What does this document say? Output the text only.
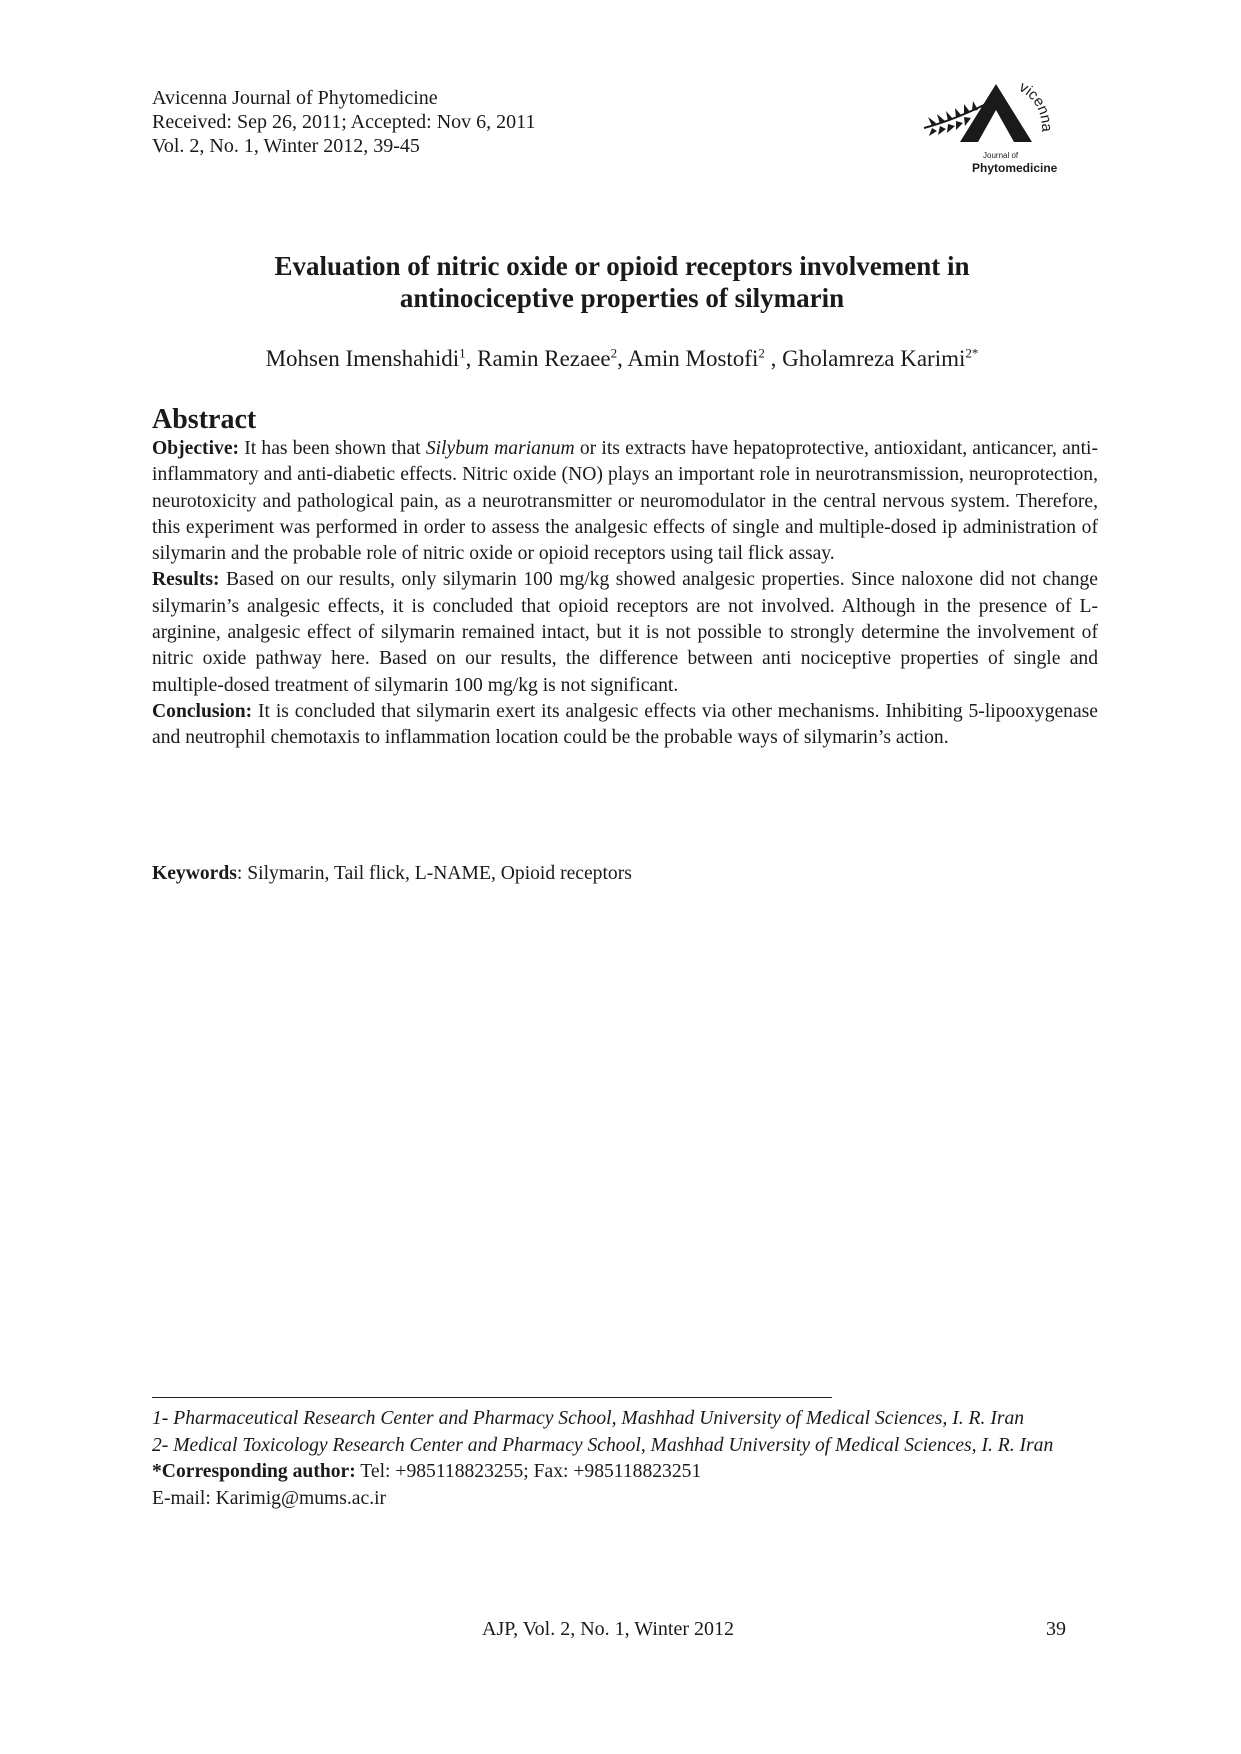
Avicenna Journal of Phytomedicine
Received: Sep 26, 2011; Accepted: Nov 6, 2011
Vol. 2, No. 1, Winter 2012, 39-45
vicenna
Journal of
Phytomedicine
Evaluation of nitric oxide or opioid receptors involvement in
antinociceptive properties of silymarin
Mohsen Imenshahidi$^1$, Ramin Rezaee$^2$, Amin Mostofi$^2$ , Gholamreza Karimi$^{2*}$
Abstract

Objective: It has been shown that Silybum marianum or its extracts have hepatoprotective, antioxidant, anticancer, anti-inflammatory and anti-diabetic effects. Nitric oxide (NO) plays an important role in neurotransmission, neuroprotection, neurotoxicity and pathological pain, as a neurotransmitter or neuromodulator in the central nervous system. Therefore, this experiment was performed in order to assess the analgesic effects of single and multiple-dosed ip administration of silymarin and the probable role of nitric oxide or opioid receptors using tail flick assay.

Results: Based on our results, only silymarin 100 mg/kg showed analgesic properties. Since naloxone did not change silymarin’s analgesic effects, it is concluded that opioid receptors are not involved. Although in the presence of L-arginine, analgesic effect of silymarin remained intact, but it is not possible to strongly determine the involvement of nitric oxide pathway here. Based on our results, the difference between anti nociceptive properties of single and multiple-dosed treatment of silymarin 100 mg/kg is not significant.

Conclusion: It is concluded that silymarin exert its analgesic effects via other mechanisms. Inhibiting 5-lipooxygenase and neutrophil chemotaxis to inflammation location could be the probable ways of silymarin’s action.

Keywords: Silymarin, Tail flick, L-NAME, Opioid receptors

1- Pharmaceutical Research Center and Pharmacy School, Mashhad University of Medical Sciences, I. R. Iran

2- Medical Toxicology Research Center and Pharmacy School, Mashhad University of Medical Sciences, I. R. Iran

*Corresponding author: Tel: +985118823255; Fax: +985118823251

E-mail: Karimig@mums.ac.ir

AJP, Vol. 2, No. 1, Winter 2012	39
